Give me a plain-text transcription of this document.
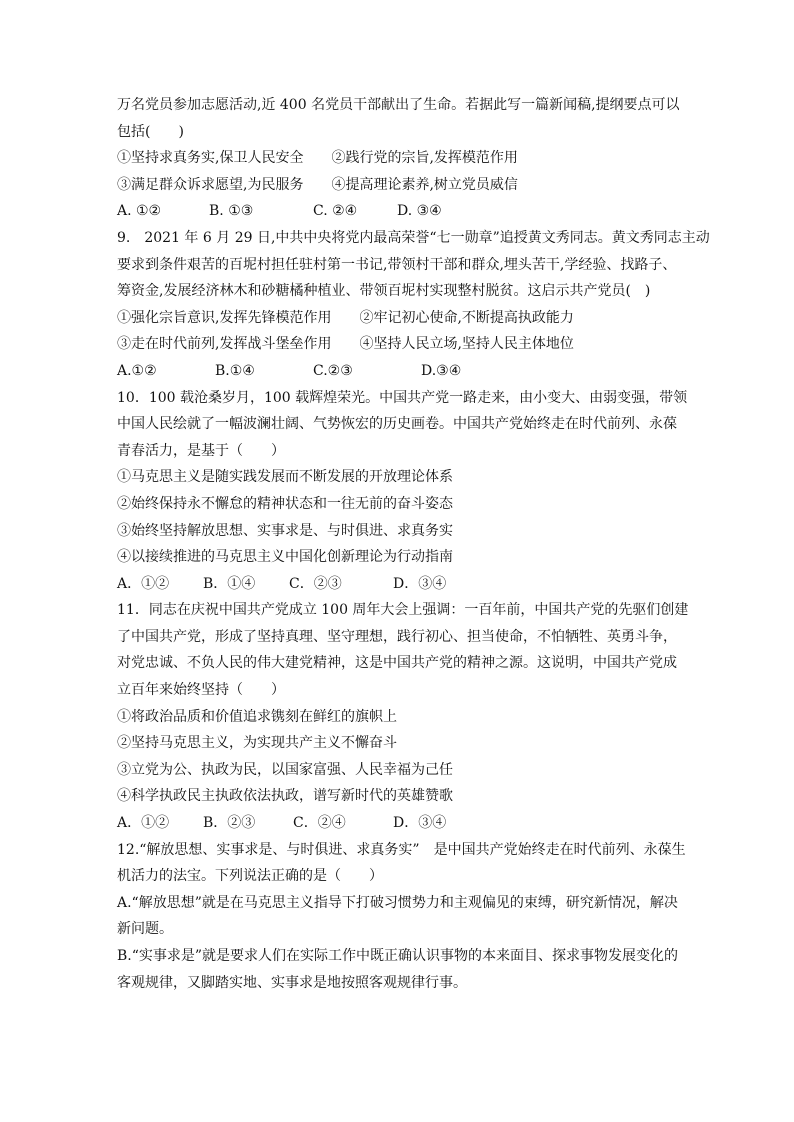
万名党员参加志愿活动,近 400 名党员干部献出了生命。若据此写一篇新闻稿,提纲要点可以
包括(　　)
①坚持求真务实,保卫人民安全　　②践行党的宗旨,发挥模范作用
③满足群众诉求愿望,为民服务　　④提高理论素养,树立党员威信
A. ①②	B. ①③	C. ②④	D. ③④
9.　2021 年 6 月 29 日,中共中央将党内最高荣誉“七一勋章”追授黄文秀同志。黄文秀同志主动
要求到条件艰苦的百坭村担任驻村第一书记,带领村干部和群众,埋头苦干,学经验、找路子、
筹资金,发展经济林木和砂糖橘种植业、带领百坭村实现整村脱贫。这启示共产党员(　)
①强化宗旨意识,发挥先锋模范作用　　②牢记初心使命,不断提高执政能力
③走在时代前列,发挥战斗堡垒作用　　④坚持人民立场,坚持人民主体地位
A.①②	B.①④	C.②③	D.③④
10．100 载沧桑岁月，100 载辉煌荣光。中国共产党一路走来，由小变大、由弱变强，带领
中国人民绘就了一幅波澜壮阔、气势恢宏的历史画卷。中国共产党始终走在时代前列、永葆
青春活力，是基于（　　）
①马克思主义是随实践发展而不断发展的开放理论体系
②始终保持永不懈怠的精神状态和一往无前的奋斗姿态
③始终坚持解放思想、实事求是、与时俱进、求真务实
④以接续推进的马克思主义中国化创新理论为行动指南
A．①② B．①④ C．②③	D．③④
11．同志在庆祝中国共产党成立 100 周年大会上强调：一百年前，中国共产党的先驱们创建
了中国共产党，形成了坚持真理、坚守理想，践行初心、担当使命，不怕牺牲、英勇斗争，
对党忠诚、不负人民的伟大建党精神，这是中国共产党的精神之源。这说明，中国共产党成
立百年来始终坚持（　　）
①将政治品质和价值追求镌刻在鲜红的旗帜上
②坚持马克思主义，为实现共产主义不懈奋斗
③立党为公、执政为民，以国家富强、人民幸福为己任
④科学执政民主执政依法执政，谱写新时代的英雄赞歌
A．①② B．②③	C．②④	D．③④
12.“解放思想、实事求是、与时俱进、求真务实”　是中国共产党始终走在时代前列、永葆生
机活力的法宝。下列说法正确的是（　　）
A.“解放思想”就是在马克思主义指导下打破习惯势力和主观偏见的束缚，研究新情况，解决
新问题。
B.“实事求是”就是要求人们在实际工作中既正确认识事物的本来面目、探求事物发展变化的
客观规律，又脚踏实地、实事求是地按照客观规律行事。
